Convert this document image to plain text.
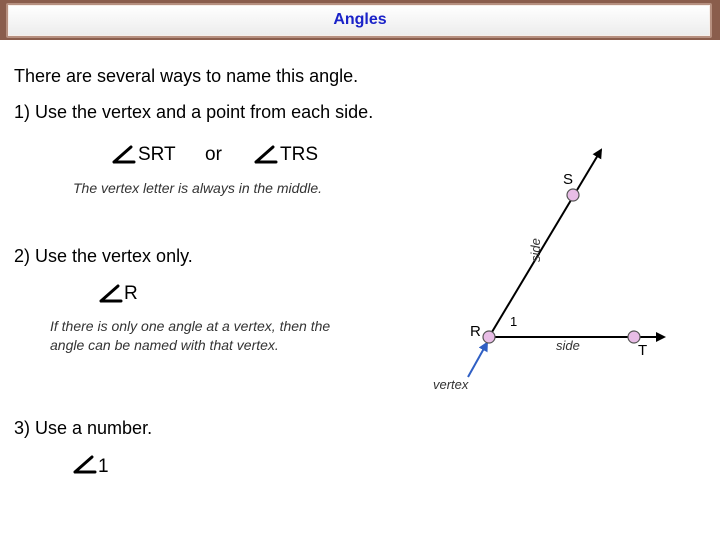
Angles
There are several ways to name this angle.
1) Use the vertex and a point from each side.
SRT or	TRS
The vertex letter is always in the middle.
2) Use the vertex only.
R
If there is only one angle at a vertex, then the
angle can be named with that vertex.
3) Use a number.
1
S
R
T
1
side
side
vertex
